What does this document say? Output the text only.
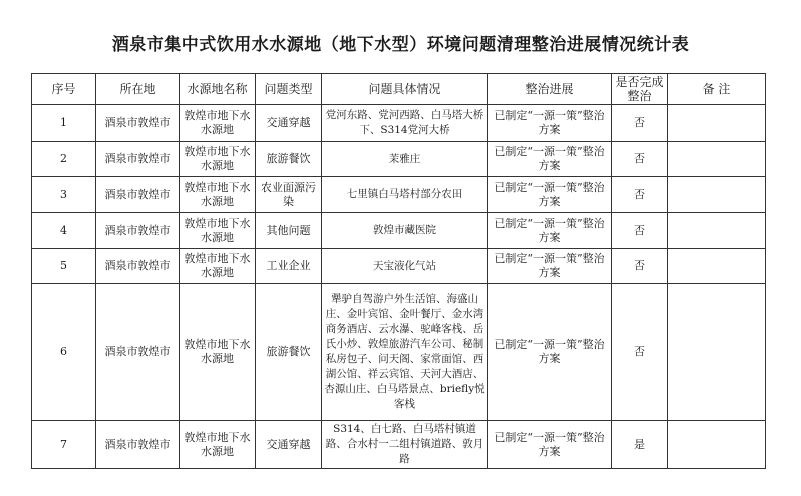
酒泉市集中式饮用水水源地（地下水型）环境问题清理整治进展情况统计表
序号	所在地	水源地名称	问题类型	问题具体情况	整治进展	是否完成整治	备 注
1	酒泉市敦煌市	敦煌市地下水水源地	交通穿越	党河东路、党河西路、白马塔大桥下、S314党河大桥	已制定“一源一策”整治方案	否	
2	酒泉市敦煌市	敦煌市地下水水源地	旅游餐饮	茉雅庄	已制定“一源一策”整治方案	否	
3	酒泉市敦煌市	敦煌市地下水水源地	农业面源污染	七里镇白马塔村部分农田	已制定“一源一策”整治方案	否	
4	酒泉市敦煌市	敦煌市地下水水源地	其他问题	敦煌市藏医院	已制定“一源一策”整治方案	否	
5	酒泉市敦煌市	敦煌市地下水水源地	工业企业	天宝液化气站	已制定“一源一策”整治方案	否	
6	酒泉市敦煌市	敦煌市地下水水源地	旅游餐饮	犟驴自驾游户外生活馆、海盛山庄、金叶宾馆、金叶餐厅、金水湾商务酒店、云水瀑、驼峰客栈、岳氏小炒、敦煌旅游汽车公司、秘制私房包子、问天阁、家常面馆、西湖公馆、祥云宾馆、天河大酒店、杏源山庄、白马塔景点、briefly悦客栈	已制定“一源一策”整治方案	否	
7	酒泉市敦煌市	敦煌市地下水水源地	交通穿越	S314、白七路、白马塔村镇道路、合水村一二组村镇道路、敦月路	已制定“一源一策”整治方案	是	
